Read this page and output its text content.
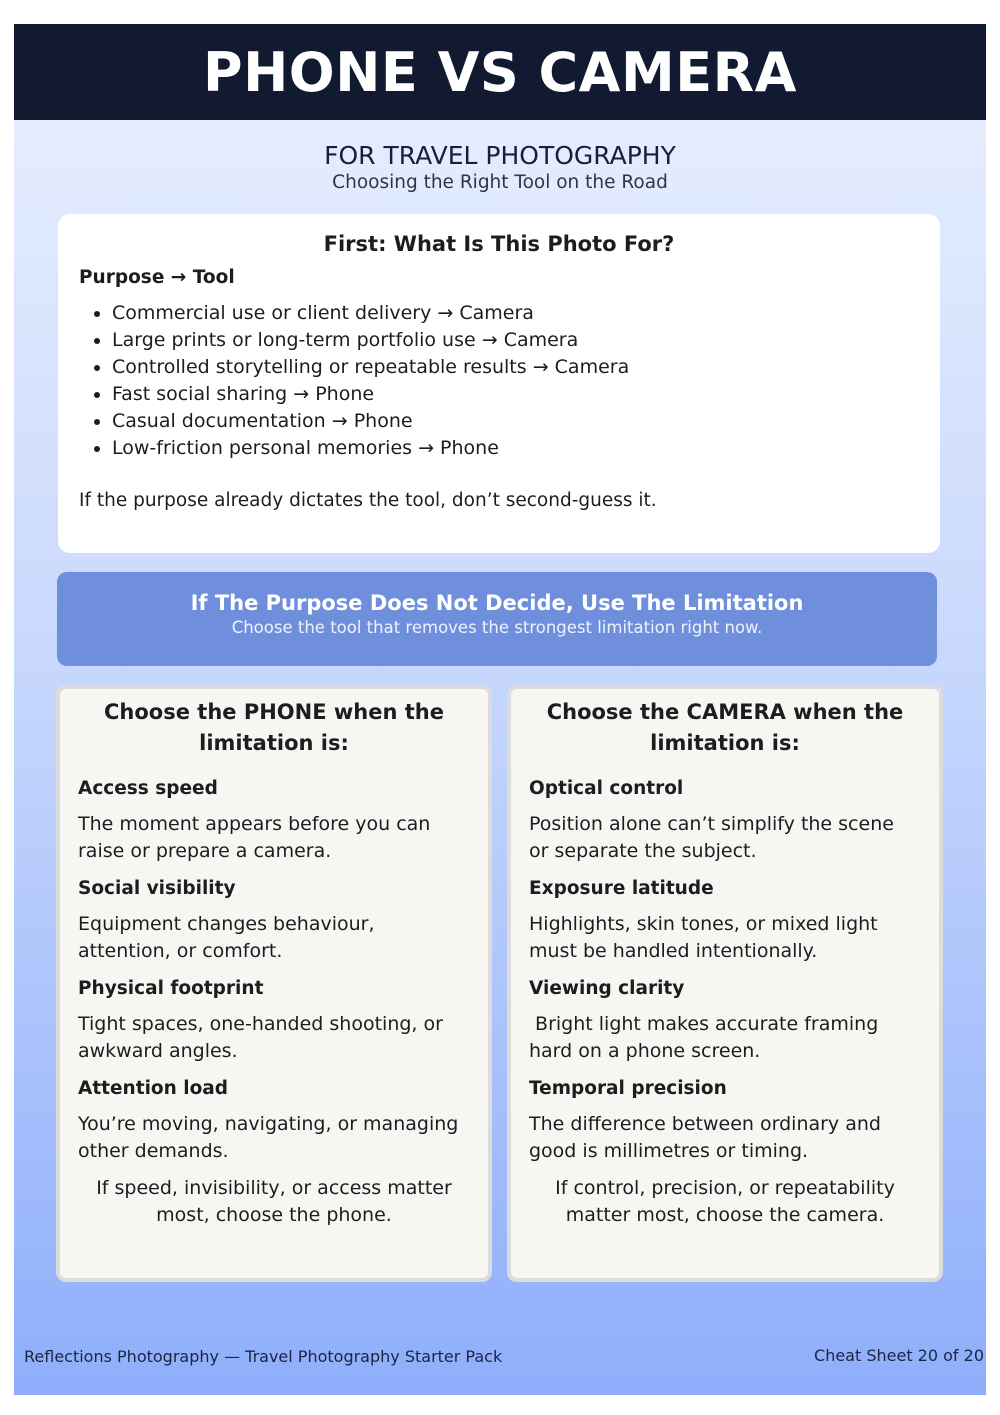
PHONE VS CAMERA
FOR TRAVEL PHOTOGRAPHY
Choosing the Right Tool on the Road

First: What Is This Photo For?

Purpose → Tool
• Commercial use or client delivery → Camera
• Large prints or long-term portfolio use → Camera
• Controlled storytelling or repeatable results → Camera
• Fast social sharing → Phone
• Casual documentation → Phone
• Low-friction personal memories → Phone
If the purpose already dictates the tool, don’t second-guess it.
If The Purpose Does Not Decide, Use The Limitation
Choose the tool that removes the strongest limitation right now.

Choose the PHONE when the
limitation is:

Access speed
The moment appears before you can
raise or prepare a camera.
Social visibility
Equipment changes behaviour,
attention, or comfort.
Physical footprint
Tight spaces, one-handed shooting, or
awkward angles.
Attention load
You’re moving, navigating, or managing
other demands.
If speed, invisibility, or access matter
most, choose the phone.

Choose the CAMERA when the
limitation is:

Optical control
Position alone can’t simplify the scene
or separate the subject.
Exposure latitude
Highlights, skin tones, or mixed light
must be handled intentionally.
Viewing clarity
Bright light makes accurate framing
hard on a phone screen.
Temporal precision
The difference between ordinary and
good is millimetres or timing.
If control, precision, or repeatability
matter most, choose the camera.
Reflections Photography — Travel Photography Starter Pack	Cheat Sheet 20 of 20
